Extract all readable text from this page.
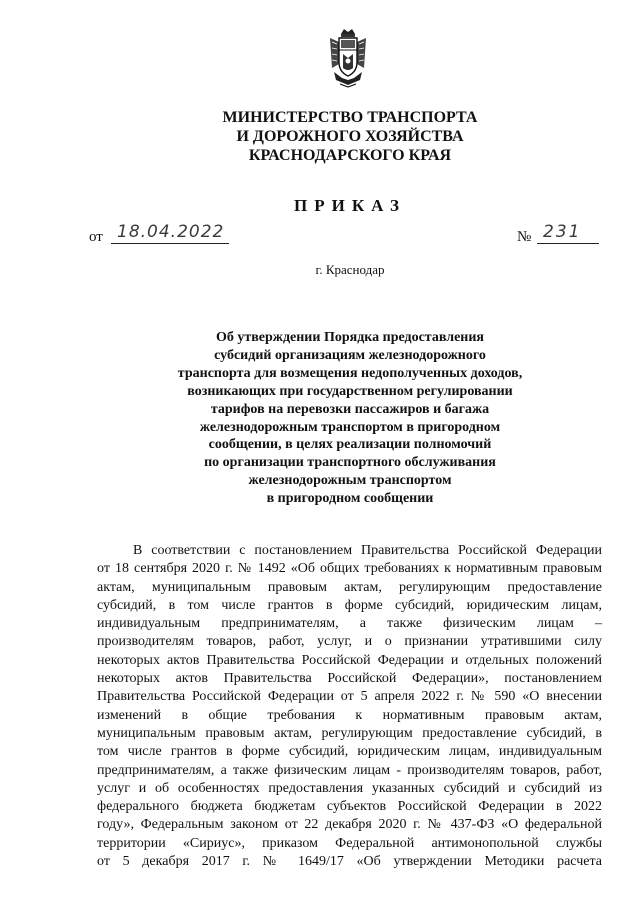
МИНИСТЕРСТВО ТРАНСПОРТА
И ДОРОЖНОГО ХОЗЯЙСТВА
КРАСНОДАРСКОГО КРАЯ
ПРИКАЗ
от 18.04.2022	№ 231
г. Краснодар
Об утверждении Порядка предоставления
субсидий организациям железнодорожного
транспорта для возмещения недополученных доходов,
возникающих при государственном регулировании
тарифов на перевозки пассажиров и багажа
железнодорожным транспортом в пригородном
сообщении, в целях реализации полномочий
по организации транспортного обслуживания
железнодорожным транспортом
в пригородном сообщении
В соответствии с постановлением Правительства Российской Федерации
от 18 сентября 2020 г. № 1492 «Об общих требованиях к нормативным правовым
актам, муниципальным правовым актам, регулирующим предоставление
субсидий, в том числе грантов в форме субсидий, юридическим лицам,
индивидуальным предпринимателям, а также физическим лицам –
производителям товаров, работ, услуг, и о признании утратившими силу
некоторых актов Правительства Российской Федерации и отдельных положений
некоторых актов Правительства Российской Федерации», постановлением
Правительства Российской Федерации от 5 апреля 2022 г. № 590 «О внесении
изменений в общие требования к нормативным правовым актам,
муниципальным правовым актам, регулирующим предоставление субсидий, в
том числе грантов в форме субсидий, юридическим лицам, индивидуальным
предпринимателям, а также физическим лицам - производителям товаров, работ,
услуг и об особенностях предоставления указанных субсидий и субсидий из
федерального бюджета бюджетам субъектов Российской Федерации в 2022
году», Федеральным законом от 22 декабря 2020 г. № 437-ФЗ «О федеральной
территории «Сириус», приказом Федеральной антимонопольной службы
от 5 декабря 2017 г. № 1649/17 «Об утверждении Методики расчета
